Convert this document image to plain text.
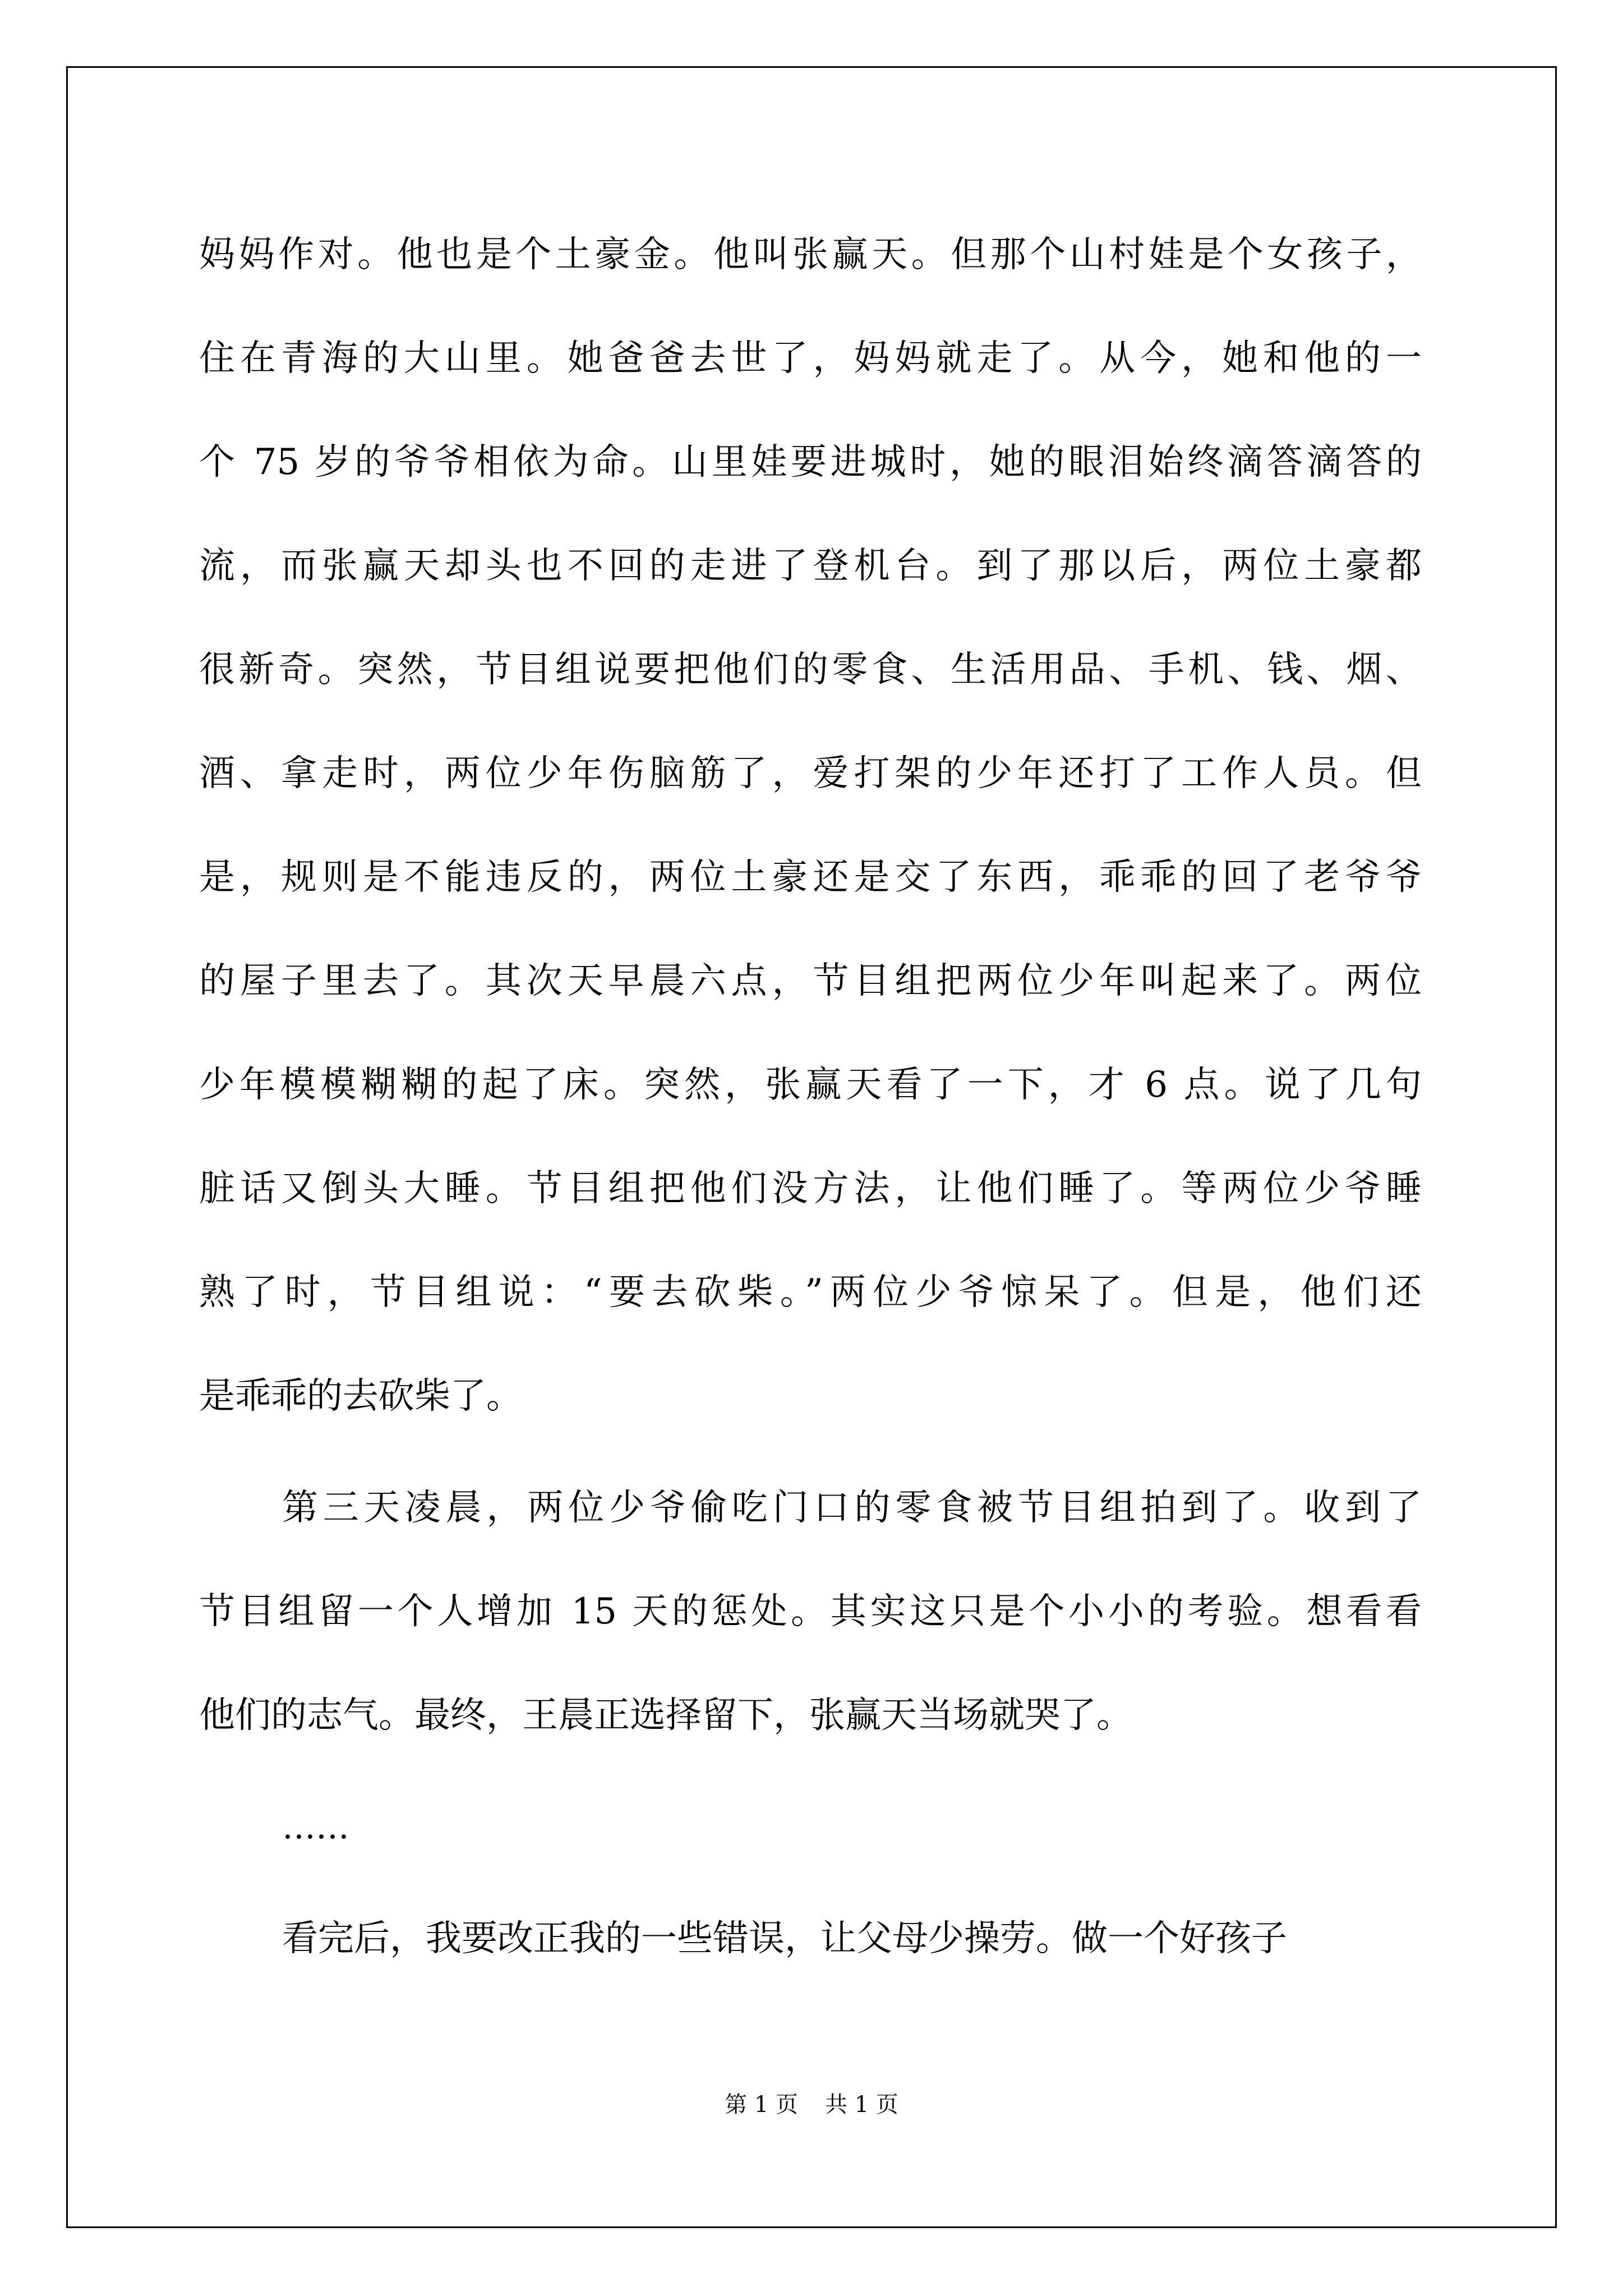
妈妈作对。他也是个土豪金。他叫张赢天。但那个山村娃是个女孩子，
住在青海的大山里。她爸爸去世了，妈妈就走了。从今，她和他的一
个 75 岁的爷爷相依为命。山里娃要进城时，她的眼泪始终滴答滴答的
流，而张赢天却头也不回的走进了登机台。到了那以后，两位土豪都
很新奇。突然，节目组说要把他们的零食、生活用品、手机、钱、烟、
酒、拿走时，两位少年伤脑筋了，爱打架的少年还打了工作人员。但
是，规则是不能违反的，两位土豪还是交了东西，乖乖的回了老爷爷
的屋子里去了。其次天早晨六点，节目组把两位少年叫起来了。两位
少年模模糊糊的起了床。突然，张赢天看了一下，才 6 点。说了几句
脏话又倒头大睡。节目组把他们没方法，让他们睡了。等两位少爷睡
熟了时，节目组说：“要去砍柴。”两位少爷惊呆了。但是，他们还
是乖乖的去砍柴了。
第三天凌晨，两位少爷偷吃门口的零食被节目组拍到了。收到了
节目组留一个人增加 15 天的惩处。其实这只是个小小的考验。想看看
他们的志气。最终，王晨正选择留下，张赢天当场就哭了。
……
看完后，我要改正我的一些错误，让父母少操劳。做一个好孩子
第 1 页 共 1 页
